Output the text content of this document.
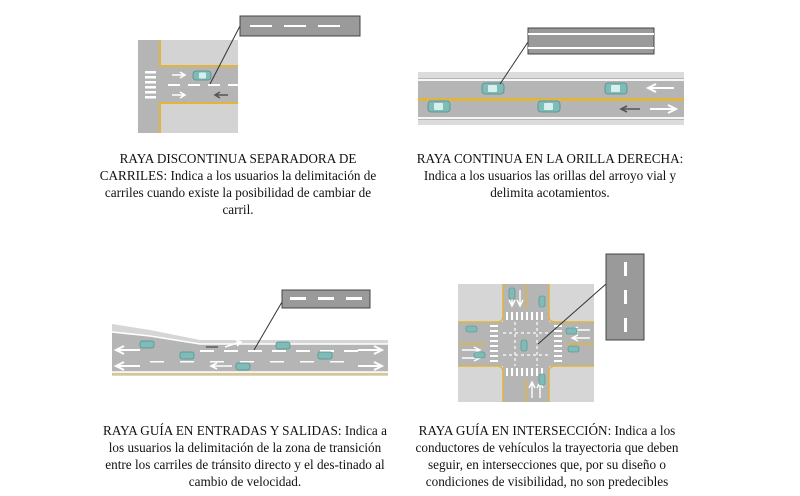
RAYA DISCONTINUA SEPARADORA DE CARRILES: Indica a los usuarios la delimitación de carriles cuando existe la posibilidad de cambiar de carril.
RAYA CONTINUA EN LA ORILLA DERECHA: Indica a los usuarios las orillas del arroyo vial y delimita acotamientos.
RAYA GUÍA EN ENTRADAS Y SALIDAS: Indica a los usuarios la delimitación de la zona de transición entre los carriles de tránsito directo y el des-tinado al cambio de velocidad.
RAYA GUÍA EN INTERSECCIÓN: Indica a los conductores de vehículos la trayectoria que deben seguir, en intersecciones que, por su diseño o condiciones de visibilidad, no son predecibles
